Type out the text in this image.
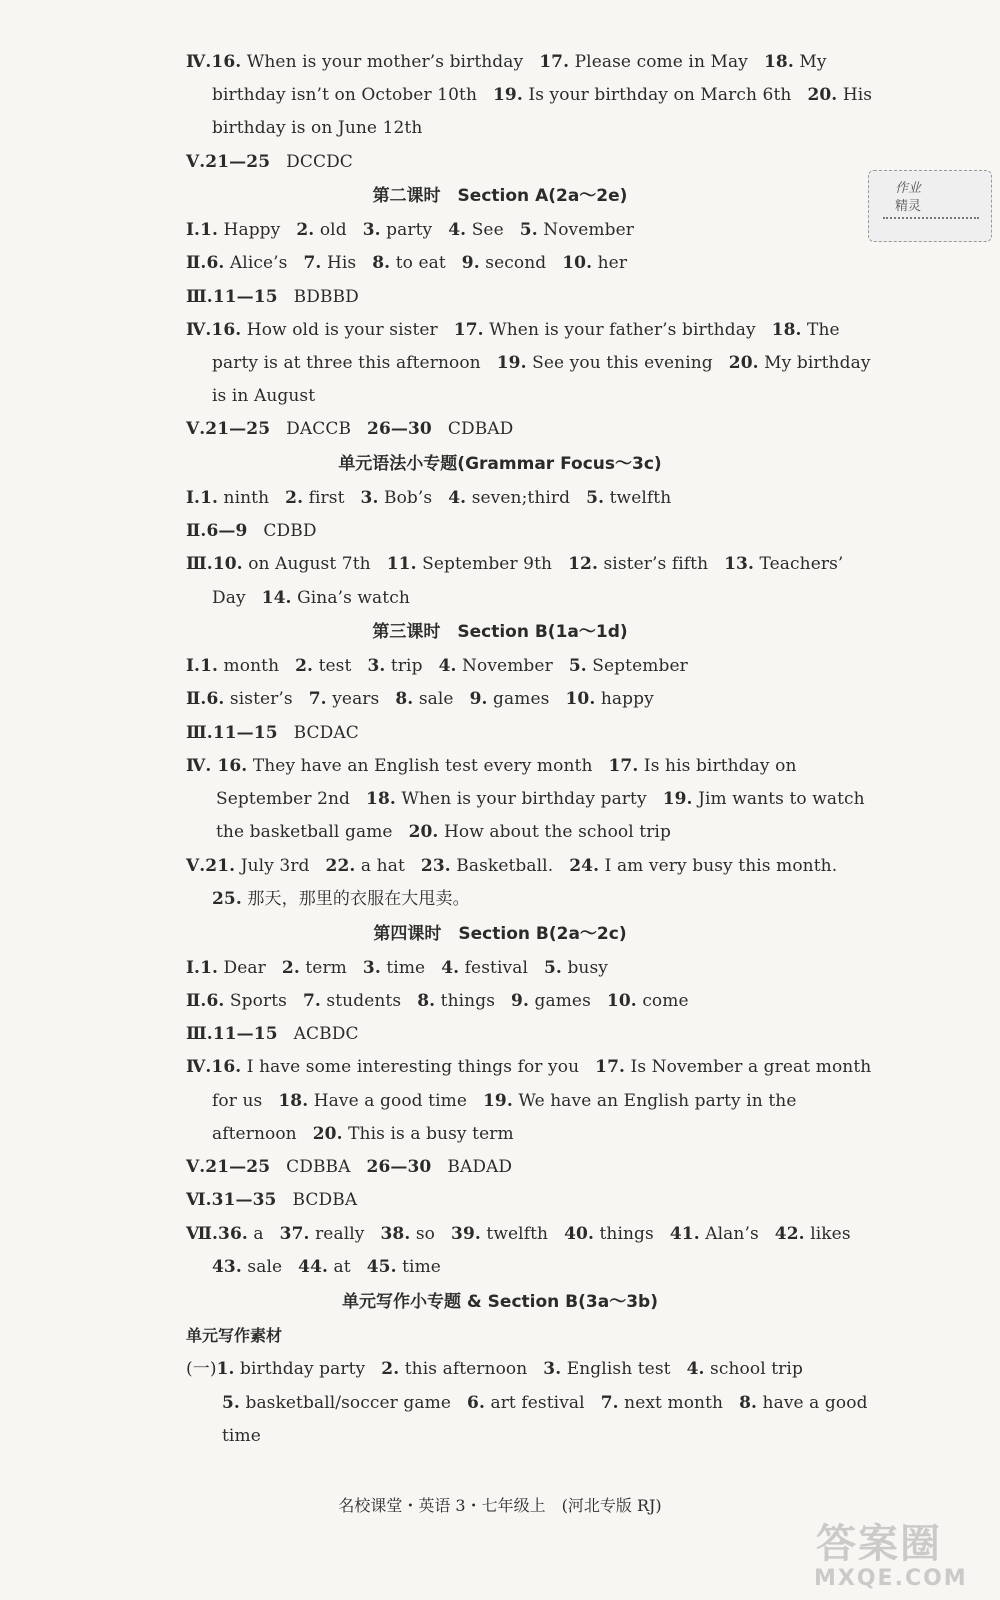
Ⅳ.16. When is your mother’s birthday 17. Please come in May 18. My
birthday isn’t on October 10th 19. Is your birthday on March 6th 20. His
birthday is on June 12th
Ⅴ.21—25 DCCDC
第二课时　Section A(2a～2e)	作业
精灵
Ⅰ.1. Happy 2. old 3. party 4. See 5. November
Ⅱ.6. Alice’s 7. His 8. to eat 9. second 10. her
Ⅲ.11—15 BDBBD
Ⅳ.16. How old is your sister 17. When is your father’s birthday 18. The
party is at three this afternoon 19. See you this evening 20. My birthday
is in August
Ⅴ.21—25 DACCB 26—30 CDBAD
单元语法小专题(Grammar Focus～3c)
Ⅰ.1. ninth 2. first 3. Bob’s 4. seven;third 5. twelfth
Ⅱ.6—9 CDBD
Ⅲ.10. on August 7th 11. September 9th 12. sister’s fifth 13. Teachers’
Day 14. Gina’s watch
第三课时　Section B(1a～1d)
Ⅰ.1. month 2. test 3. trip 4. November 5. September
Ⅱ.6. sister’s 7. years 8. sale 9. games 10. happy
Ⅲ.11—15 BCDAC
Ⅳ. 16. They have an English test every month 17. Is his birthday on
September 2nd 18. When is your birthday party 19. Jim wants to watch
the basketball game 20. How about the school trip
Ⅴ.21. July 3rd 22. a hat 23. Basketball. 24. I am very busy this month.
25. 那天，那里的衣服在大甩卖。
第四课时　Section B(2a～2c)
Ⅰ.1. Dear 2. term 3. time 4. festival 5. busy
Ⅱ.6. Sports 7. students 8. things 9. games 10. come
Ⅲ.11—15 ACBDC
Ⅳ.16. I have some interesting things for you 17. Is November a great month
for us 18. Have a good time 19. We have an English party in the
afternoon 20. This is a busy term
Ⅴ.21—25 CDBBA 26—30 BADAD
Ⅵ.31—35 BCDBA
Ⅶ.36. a 37. really 38. so 39. twelfth 40. things 41. Alan’s 42. likes
43. sale 44. at 45. time
单元写作小专题 & Section B(3a～3b)
单元写作素材
(一)1. birthday party 2. this afternoon 3. English test 4. school trip
5. basketball/soccer game 6. art festival 7. next month 8. have a good
time
名校课堂・英语 3・七年级上　(河北专版 RJ)
答案圈
MXQE.COM
